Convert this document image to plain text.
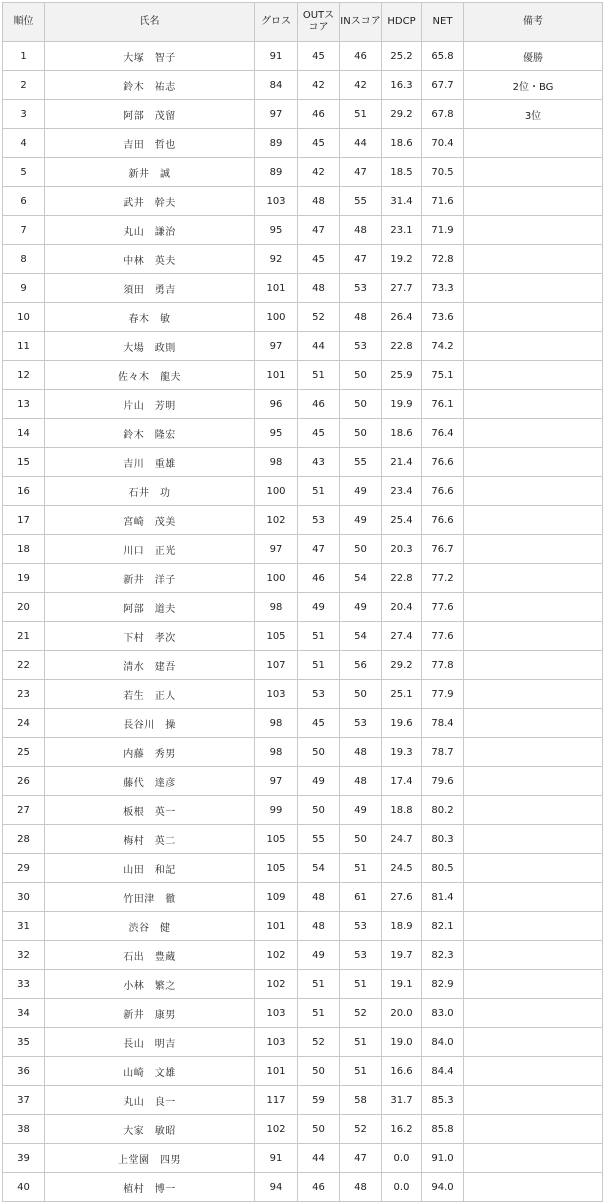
順位	氏名	グロス	OUTスコア	INスコア	HDCP	NET	備考
1	大塚　智子	91	45	46	25.2	65.8	優勝
2	鈴木　祐志	84	42	42	16.3	67.7	2位・BG
3	阿部　茂留	97	46	51	29.2	67.8	3位
4	吉田　哲也	89	45	44	18.6	70.4	
5	新井　誠	89	42	47	18.5	70.5	
6	武井　幹夫	103	48	55	31.4	71.6	
7	丸山　謙治	95	47	48	23.1	71.9	
8	中林　英夫	92	45	47	19.2	72.8	
9	須田　勇吉	101	48	53	27.7	73.3	
10	春木　敏	100	52	48	26.4	73.6	
11	大場　政則	97	44	53	22.8	74.2	
12	佐々木　龍夫	101	51	50	25.9	75.1	
13	片山　芳明	96	46	50	19.9	76.1	
14	鈴木　隆宏	95	45	50	18.6	76.4	
15	吉川　重雄	98	43	55	21.4	76.6	
16	石井　功	100	51	49	23.4	76.6	
17	宮崎　茂美	102	53	49	25.4	76.6	
18	川口　正光	97	47	50	20.3	76.7	
19	新井　洋子	100	46	54	22.8	77.2	
20	阿部　道夫	98	49	49	20.4	77.6	
21	下村　孝次	105	51	54	27.4	77.6	
22	清水　建吾	107	51	56	29.2	77.8	
23	若生　正人	103	53	50	25.1	77.9	
24	長谷川　操	98	45	53	19.6	78.4	
25	内藤　秀男	98	50	48	19.3	78.7	
26	藤代　達彦	97	49	48	17.4	79.6	
27	板根　英一	99	50	49	18.8	80.2	
28	梅村　英二	105	55	50	24.7	80.3	
29	山田　和記	105	54	51	24.5	80.5	
30	竹田津　徹	109	48	61	27.6	81.4	
31	渋谷　健	101	48	53	18.9	82.1	
32	石出　豊蔵	102	49	53	19.7	82.3	
33	小林　繁之	102	51	51	19.1	82.9	
34	新井　康男	103	51	52	20.0	83.0	
35	長山　明吉	103	52	51	19.0	84.0	
36	山崎　文雄	101	50	51	16.6	84.4	
37	丸山　良一	117	59	58	31.7	85.3	
38	大家　敏昭	102	50	52	16.2	85.8	
39	上堂園　四男	91	44	47	0.0	91.0	
40	植村　博一	94	46	48	0.0	94.0	
